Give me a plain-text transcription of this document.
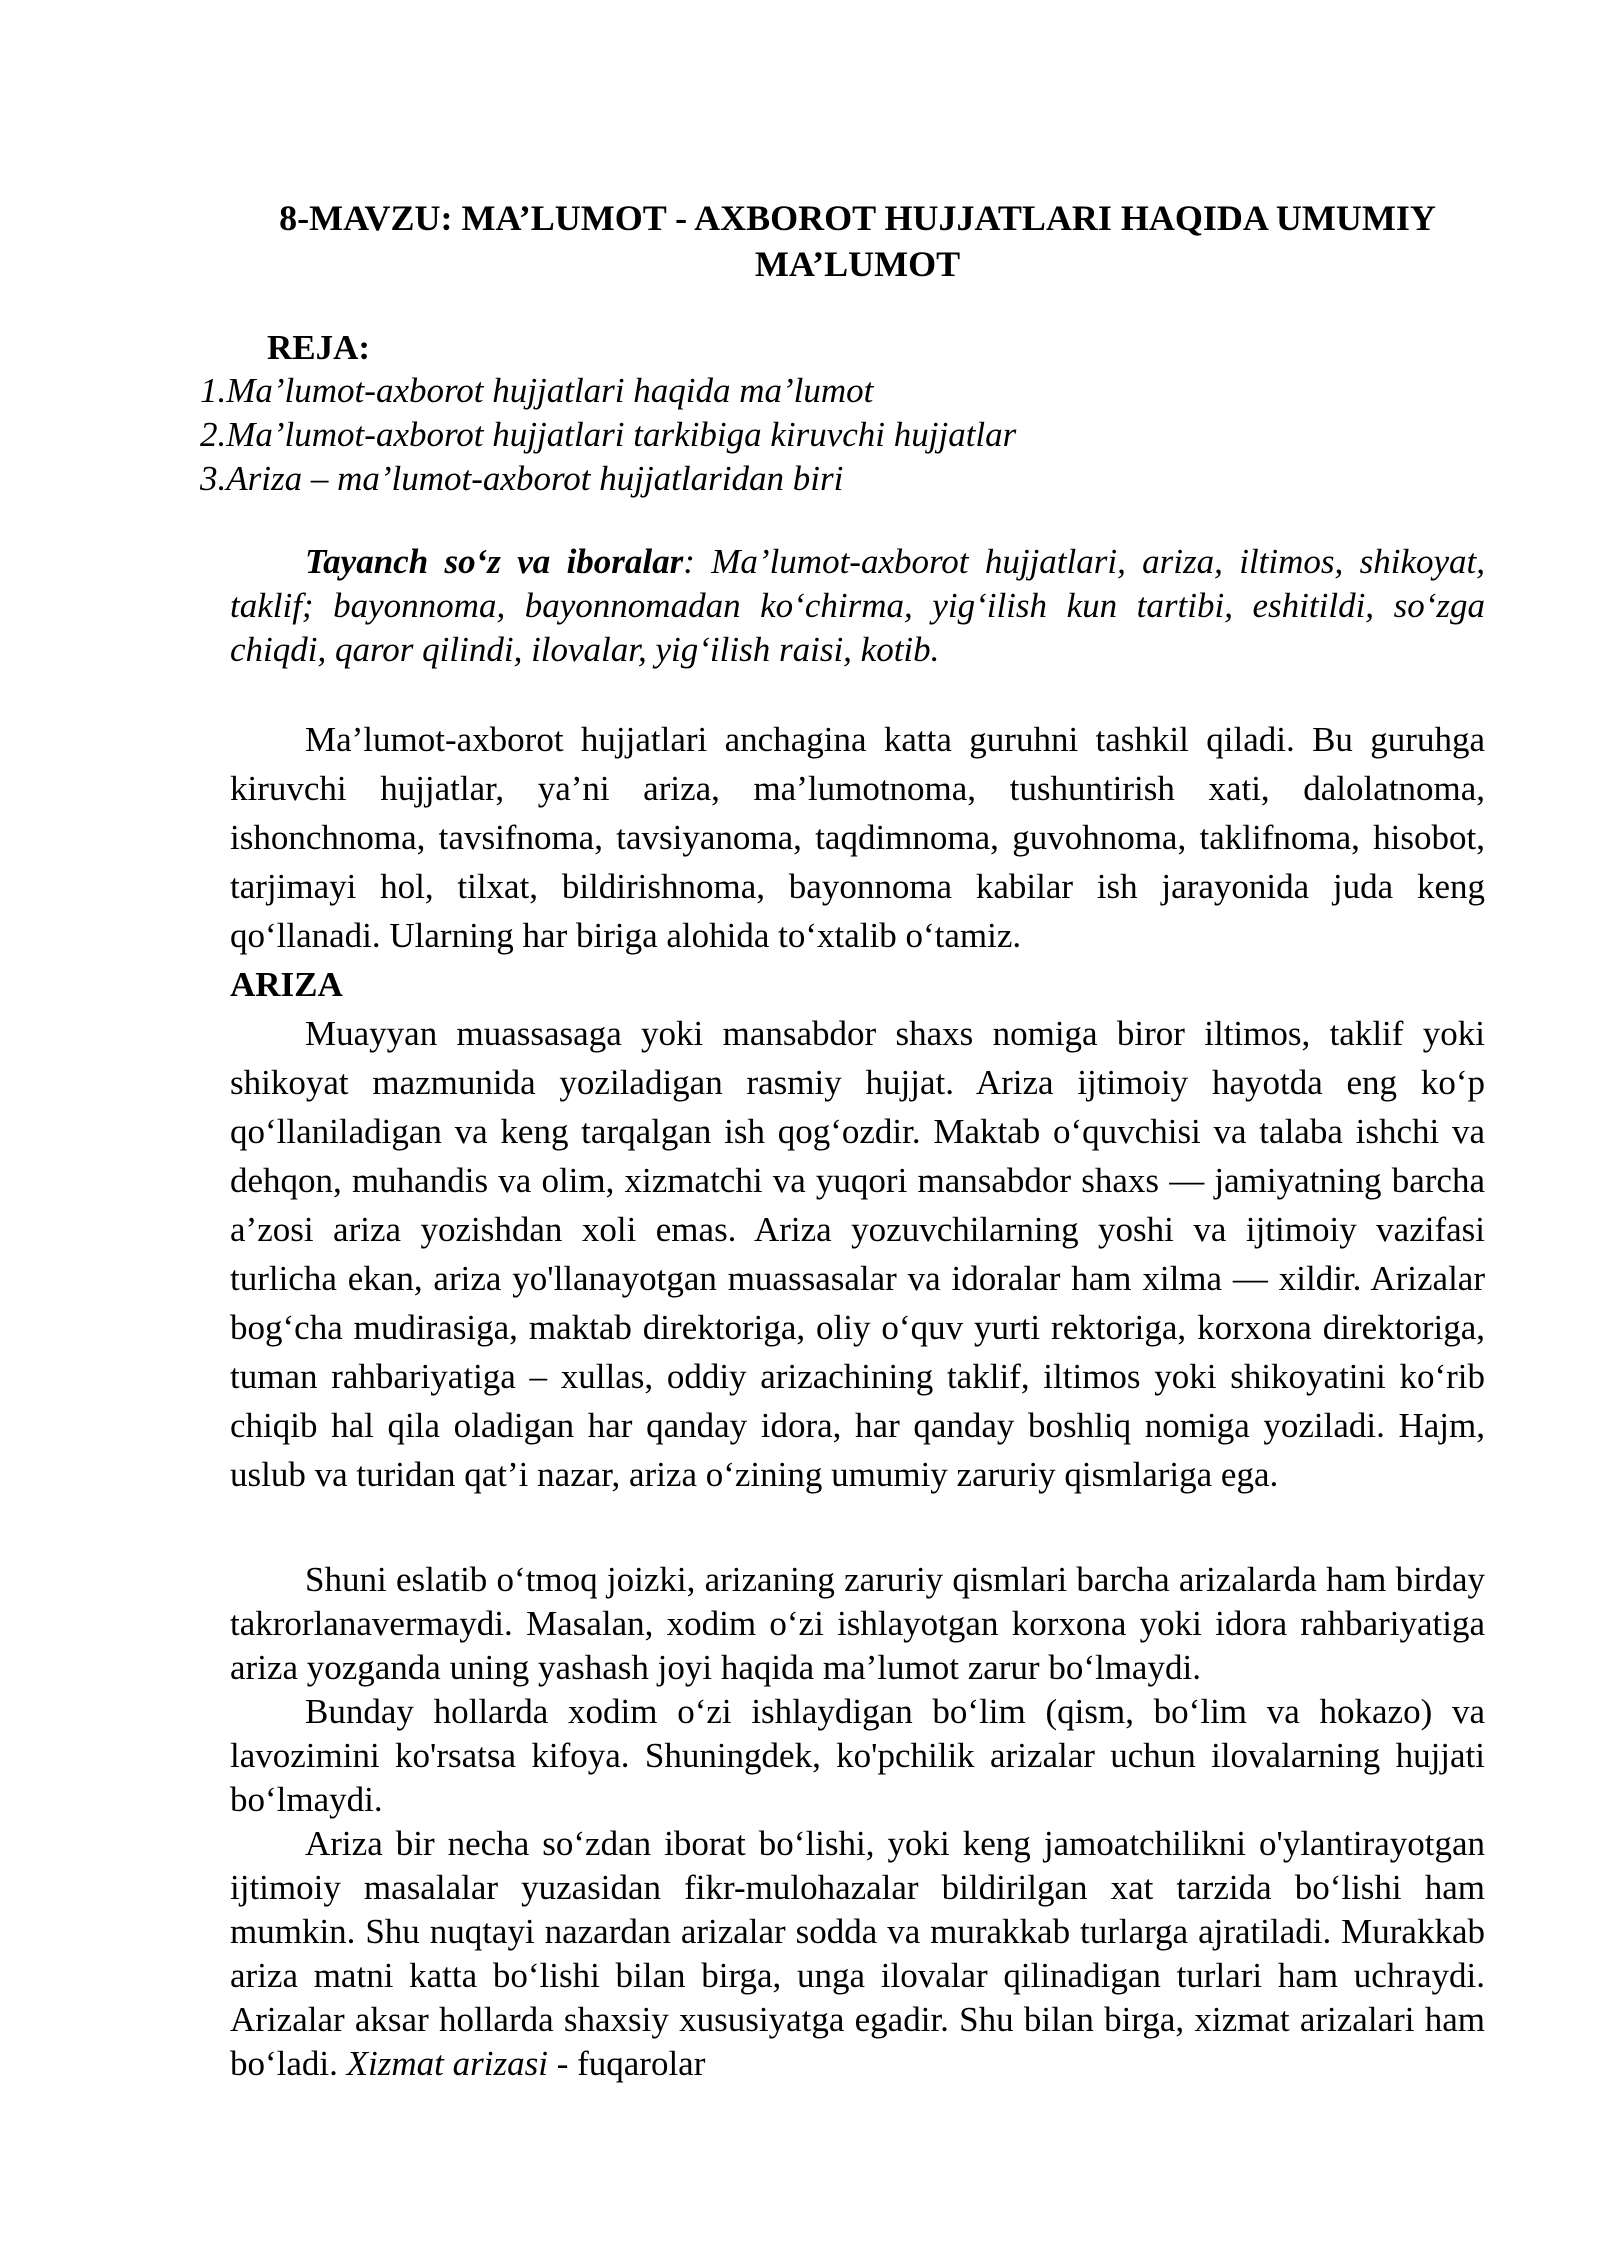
8-MAVZU: MA’LUMOT - AXBOROT HUJJATLARI HAQIDA UMUMIY
MA’LUMOT
REJA:
1.Ma’lumot-axborot hujjatlari haqida ma’lumot
2.Ma’lumot-axborot hujjatlari tarkibiga kiruvchi hujjatlar
3.Ariza – ma’lumot-axborot hujjatlaridan biri

Tayanch so‘z va iboralar: Ma’lumot-axborot hujjatlari, ariza, iltimos, shikoyat, taklif; bayonnoma, bayonnomadan ko‘chirma, yig‘ilish kun tartibi, eshitildi, so‘zga chiqdi, qaror qilindi, ilovalar, yig‘ilish raisi, kotib.

Ma’lumot-axborot hujjatlari anchagina katta guruhni tashkil qiladi. Bu guruhga kiruvchi hujjatlar, ya’ni ariza, ma’lumotnoma, tushuntirish xati, dalolatnoma, ishonchnoma, tavsifnoma, tavsiyanoma, taqdimnoma, guvohnoma, taklifnoma, hisobot, tarjimayi hol, tilxat, bildirishnoma, bayonnoma kabilar ish jarayonida juda keng qo‘llanadi. Ularning har biriga alohida to‘xtalib o‘tamiz.

ARIZA

Muayyan muassasaga yoki mansabdor shaxs nomiga biror iltimos, taklif yoki shikoyat mazmunida yoziladigan rasmiy hujjat. Ariza ijtimoiy hayotda eng ko‘p qo‘llaniladigan va keng tarqalgan ish qog‘ozdir. Maktab o‘quvchisi va talaba ishchi va dehqon, muhandis va olim, xizmatchi va yuqori mansabdor shaxs — jamiyatning barcha a’zosi ariza yozishdan xoli emas. Ariza yozuvchilarning yoshi va ijtimoiy vazifasi turlicha ekan, ariza yo'llanayotgan muassasalar va idoralar ham xilma — xildir. Arizalar bog‘cha mudirasiga, maktab direktoriga, oliy o‘quv yurti rektoriga, korxona direktoriga, tuman rahbariyatiga – xullas, oddiy arizachining taklif, iltimos yoki shikoyatini ko‘rib chiqib hal qila oladigan har qanday idora, har qanday boshliq nomiga yoziladi. Hajm, uslub va turidan qat’i nazar, ariza o‘zining umumiy zaruriy qismlariga ega.

Shuni eslatib o‘tmoq joizki, arizaning zaruriy qismlari barcha arizalarda ham birday takrorlanavermaydi. Masalan, xodim o‘zi ishlayotgan korxona yoki idora rahbariyatiga ariza yozganda uning yashash joyi haqida ma’lumot zarur bo‘lmaydi.

Bunday hollarda xodim o‘zi ishlaydigan bo‘lim (qism, bo‘lim va hokazo) va lavozimini ko'rsatsa kifoya. Shuningdek, ko'pchilik arizalar uchun ilovalarning hujjati bo‘lmaydi.

Ariza bir necha so‘zdan iborat bo‘lishi, yoki keng jamoatchilikni o'ylantirayotgan ijtimoiy masalalar yuzasidan fikr-mulohazalar bildirilgan xat tarzida bo‘lishi ham mumkin. Shu nuqtayi nazardan arizalar sodda va murakkab turlarga ajratiladi. Murakkab ariza matni katta bo‘lishi bilan birga, unga ilovalar qilinadigan turlari ham uchraydi. Arizalar aksar hollarda shaxsiy xususiyatga egadir. Shu bilan birga, xizmat arizalari ham bo‘ladi. Xizmat arizasi - fuqarolar
